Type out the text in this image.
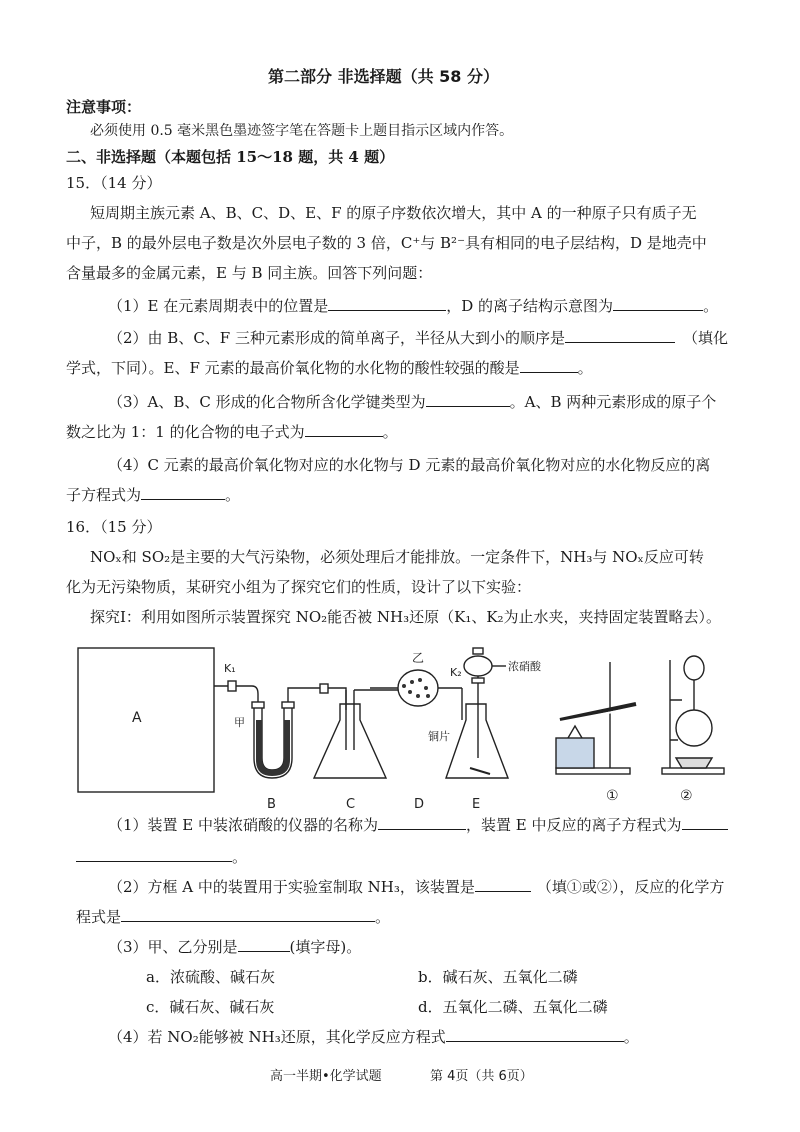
第二部分 非选择题（共 58 分）
注意事项：
必须使用 0.5 毫米黑色墨迹签字笔在答题卡上题目指示区域内作答。
二、非选择题（本题包括 15～18 题，共 4 题）
15．（14 分）
短周期主族元素 A、B、C、D、E、F 的原子序数依次增大，其中 A 的一种原子只有质子无
中子，B 的最外层电子数是次外层电子数的 3 倍，C⁺与 B²⁻具有相同的电子层结构，D 是地壳中
含量最多的金属元素，E 与 B 同主族。回答下列问题：
（1）E 在元素周期表中的位置是	，D 的离子结构示意图为	。
（2）由 B、C、F 三种元素形成的简单离子，半径从大到小的顺序是	（填化
学式，下同）。E、F 元素的最高价氧化物的水化物的酸性较强的酸是	。
（3）A、B、C 形成的化合物所含化学键类型为	。A、B 两种元素形成的原子个
数之比为 1：1 的化合物的电子式为	。
（4）C 元素的最高价氧化物对应的水化物与 D 元素的最高价氧化物对应的水化物反应的离
子方程式为	。
16．（15 分）
NOₓ和 SO₂是主要的大气污染物，必须处理后才能排放。一定条件下，NH₃与 NOₓ反应可转
化为无污染物质，某研究小组为了探究它们的性质，设计了以下实验：
探究Ⅰ：利用如图所示装置探究 NO₂能否被 NH₃还原（K₁、K₂为止水夹，夹持固定装置略去）。
A
K₁
甲
B	C
乙
D
浓硝酸
K₂
铜片
E
①	②
（1）装置 E 中装浓硝酸的仪器的名称为	，装置 E 中反应的离子方程式为
。
（2）方框 A 中的装置用于实验室制取 NH₃，该装置是	（填①或②），反应的化学方
程式是	。
（3）甲、乙分别是	(填字母)。
a．浓硫酸、碱石灰	b．碱石灰、五氧化二磷
c．碱石灰、碱石灰	d．五氧化二磷、五氧化二磷
（4）若 NO₂能够被 NH₃还原，其化学反应方程式	。
高一半期•化学试题	第 4页（共 6页）
